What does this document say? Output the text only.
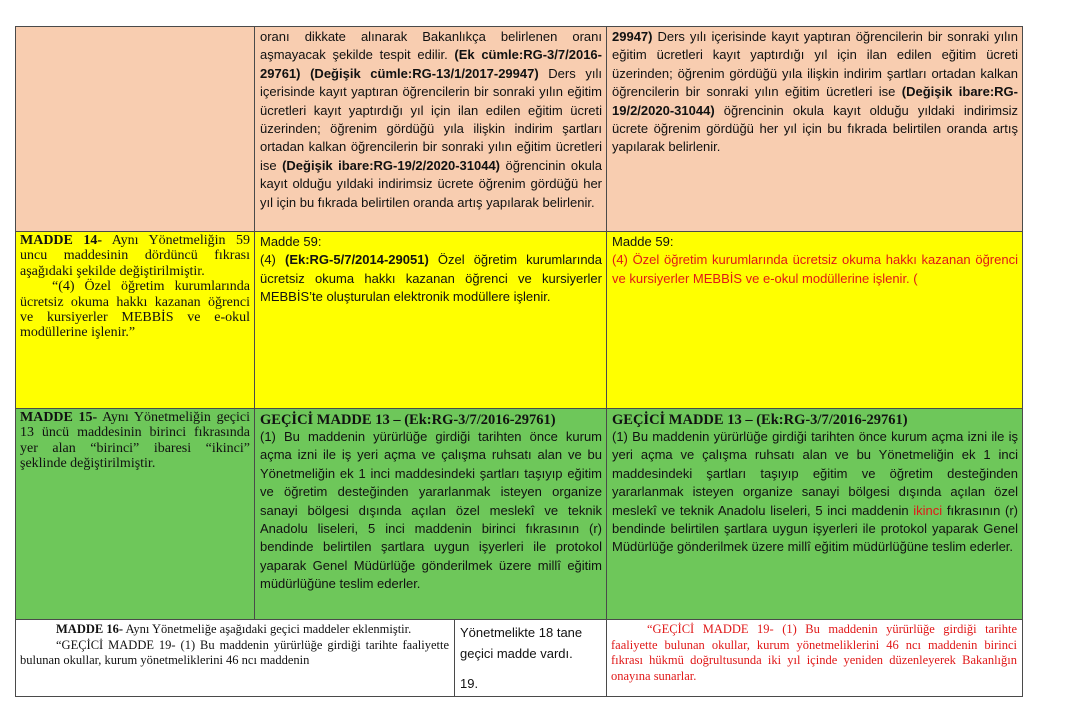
oranı dikkate alınarak Bakanlıkça belirlenen oranı aşmayacak şekilde tespit edilir. (Ek cümle:RG-3/7/2016-29761) (Değişik cümle:RG-13/1/2017-29947) Ders yılı içerisinde kayıt yaptıran öğrencilerin bir sonraki yılın eğitim ücretleri kayıt yaptırdığı yıl için ilan edilen eğitim ücreti üzerinden; öğrenim gördüğü yıla ilişkin indirim şartları ortadan kalkan öğrencilerin bir sonraki yılın eğitim ücretleri ise (Değişik ibare:RG-19/2/2020-31044) öğrencinin okula kayıt olduğu yıldaki indirimsiz ücrete öğrenim gördüğü her yıl için bu fıkrada belirtilen oranda artış yapılarak belirlenir.

29947) Ders yılı içerisinde kayıt yaptıran öğrencilerin bir sonraki yılın eğitim ücretleri kayıt yaptırdığı yıl için ilan edilen eğitim ücreti üzerinden; öğrenim gördüğü yıla ilişkin indirim şartları ortadan kalkan öğrencilerin bir sonraki yılın eğitim ücretleri ise (Değişik ibare:RG-19/2/2020-31044) öğrencinin okula kayıt olduğu yıldaki indirimsiz ücrete öğrenim gördüğü her yıl için bu fıkrada belirtilen oranda artış yapılarak belirlenir.

MADDE 14- Aynı Yönetmeliğin 59 uncu maddesinin dördüncü fıkrası aşağıdaki şekilde değiştirilmiştir.

“(4) Özel öğretim kurumlarında ücretsiz okuma hakkı kazanan öğrenci ve kursiyerler MEBBİS ve e-okul modüllerine işlenir.”

Madde 59:

(4) (Ek:RG-5/7/2014-29051) Özel öğretim kurumlarında ücretsiz okuma hakkı kazanan öğrenci ve kursiyerler MEBBİS’te oluşturulan elektronik modüllere işlenir.

Madde 59:

(4) Özel öğretim kurumlarında ücretsiz okuma hakkı kazanan öğrenci ve kursiyerler MEBBİS ve e-okul modüllerine işlenir. (

MADDE 15- Aynı Yönetmeliğin geçici 13 üncü maddesinin birinci fıkrasında yer alan “birinci” ibaresi “ikinci” şeklinde değiştirilmiştir.

GEÇİCİ MADDE 13 – (Ek:RG-3/7/2016-29761)

(1) Bu maddenin yürürlüğe girdiği tarihten önce kurum açma izni ile iş yeri açma ve çalışma ruhsatı alan ve bu Yönetmeliğin ek 1 inci maddesindeki şartları taşıyıp eğitim ve öğretim desteğinden yararlanmak isteyen organize sanayi bölgesi dışında açılan özel meslekî ve teknik Anadolu liseleri, 5 inci maddenin birinci fıkrasının (r) bendinde belirtilen şartlara uygun işyerleri ile protokol yaparak Genel Müdürlüğe gönderilmek üzere millî eğitim müdürlüğüne teslim ederler.

GEÇİCİ MADDE 13 – (Ek:RG-3/7/2016-29761)

(1) Bu maddenin yürürlüğe girdiği tarihten önce kurum açma izni ile iş yeri açma ve çalışma ruhsatı alan ve bu Yönetmeliğin ek 1 inci maddesindeki şartları taşıyıp eğitim ve öğretim desteğinden yararlanmak isteyen organize sanayi bölgesi dışında açılan özel meslekî ve teknik Anadolu liseleri, 5 inci maddenin ikinci fıkrasının (r) bendinde belirtilen şartlara uygun işyerleri ile protokol yaparak Genel Müdürlüğe gönderilmek üzere millî eğitim müdürlüğüne teslim ederler.

MADDE 16- Aynı Yönetmeliğe aşağıdaki geçici maddeler eklenmiştir.

“GEÇİCİ MADDE 19- (1) Bu maddenin yürürlüğe girdiği tarihte faaliyette bulunan okullar, kurum yönetmeliklerini 46 ncı maddenin

Yönetmelikte 18 tane geçici madde vardı.

19.

“GEÇİCİ MADDE 19- (1) Bu maddenin yürürlüğe girdiği tarihte faaliyette bulunan okullar, kurum yönetmeliklerini 46 ncı maddenin birinci fıkrası hükmü doğrultusunda iki yıl içinde yeniden düzenleyerek Bakanlığın onayına sunarlar.
